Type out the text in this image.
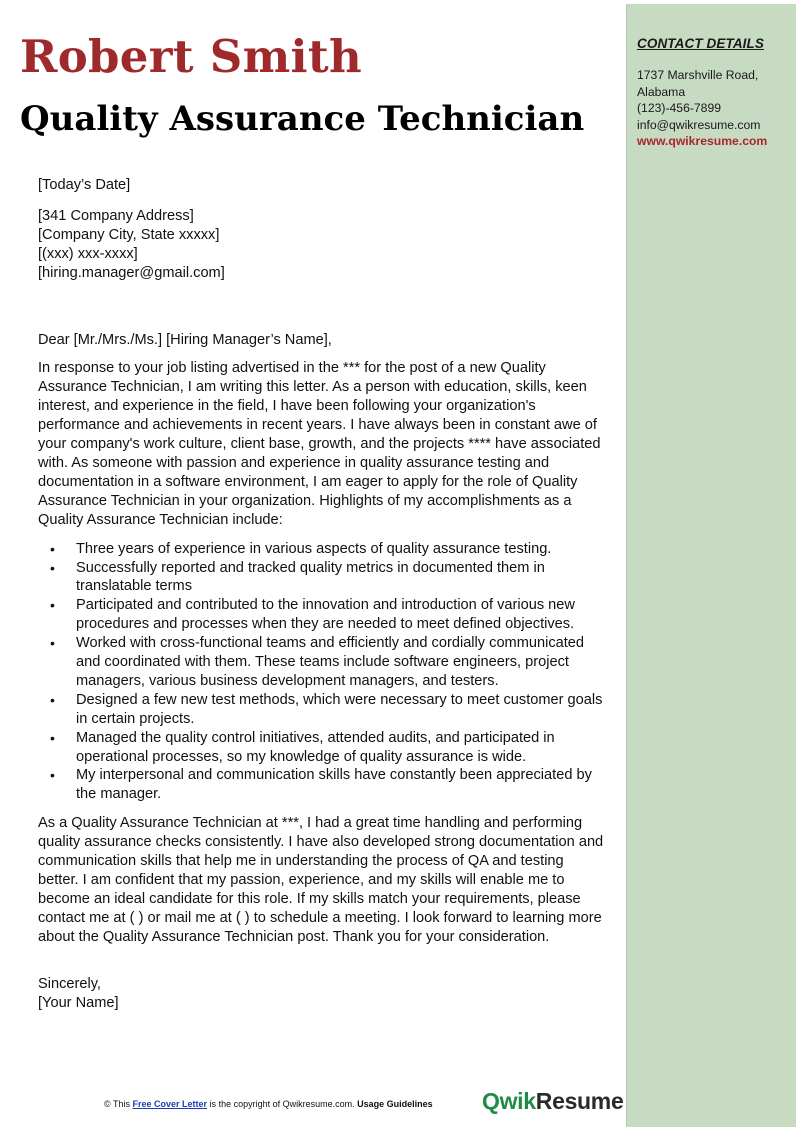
CONTACT DETAILS
1737 Marshville Road,
Alabama
(123)-456-7899
info@qwikresume.com
www.qwikresume.com
Robert Smith
Quality Assurance Technician

[Today’s Date]

[341 Company Address]

[Company City, State xxxxx]

[(xxx) xxx-xxxx]

[hiring.manager@gmail.com]

Dear [Mr./Mrs./Ms.] [Hiring Manager’s Name],

In response to your job listing advertised in the *** for the post of a new Quality Assurance Technician, I am writing this letter. As a person with education, skills, keen interest, and experience in the field, I have been following your organization's performance and achievements in recent years. I have always been in constant awe of your company's work culture, client base, growth, and the projects **** have associated with. As someone with passion and experience in quality assurance testing and documentation in a software environment, I am eager to apply for the role of Quality Assurance Technician in your organization. Highlights of my accomplishments as a Quality Assurance Technician include:

• Three years of experience in various aspects of quality assurance testing.
• Successfully reported and tracked quality metrics in documented them in translatable terms
• Participated and contributed to the innovation and introduction of various new procedures and processes when they are needed to meet defined objectives.
• Worked with cross-functional teams and efficiently and cordially communicated and coordinated with them. These teams include software engineers, project managers, various business development managers, and testers.
• Designed a few new test methods, which were necessary to meet customer goals in certain projects.
• Managed the quality control initiatives, attended audits, and participated in operational processes, so my knowledge of quality assurance is wide.
• My interpersonal and communication skills have constantly been appreciated by the manager.

As a Quality Assurance Technician at ***, I had a great time handling and performing quality assurance checks consistently. I have also developed strong documentation and communication skills that help me in understanding the process of QA and testing better. I am confident that my passion, experience, and my skills will enable me to become an ideal candidate for this role. If my skills match your requirements, please contact me at ( ) or mail me at ( ) to schedule a meeting. I look forward to learning more about the Quality Assurance Technician post. Thank you for your consideration.

Sincerely,

[Your Name]

© This Free Cover Letter is the copyright of Qwikresume.com. Usage Guidelines QwikResume
